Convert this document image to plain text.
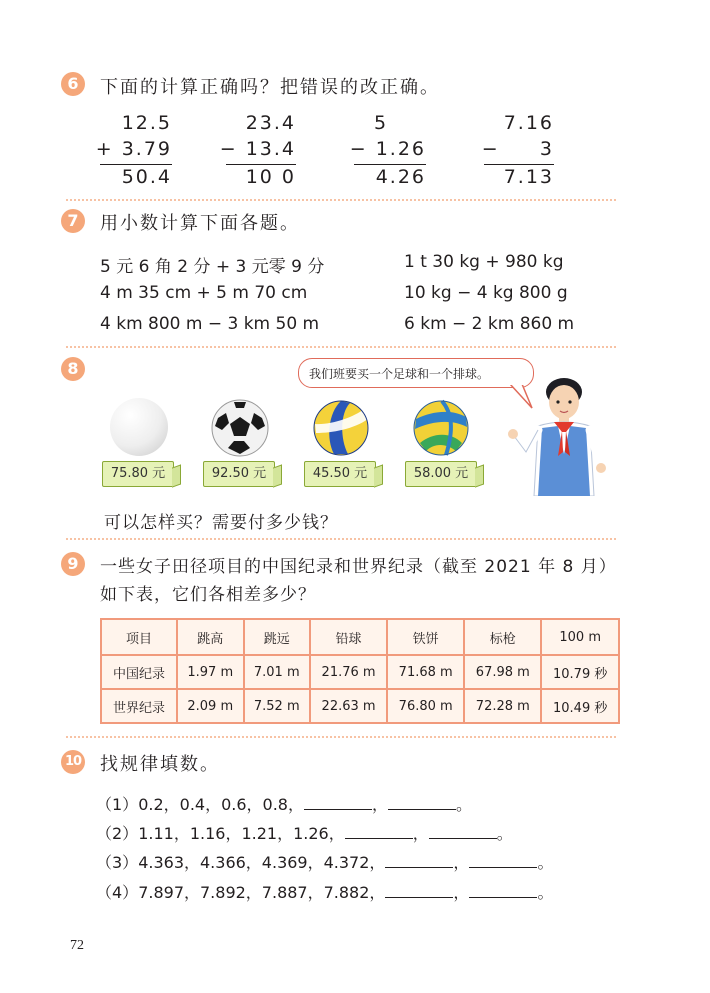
6	下面的计算正确吗？把错误的改正确。
12.5
+ 3.79
50.4
23.4
− 13.4
10 0
5
− 1.26
4.26
7.16
−     3
7.13
7	用小数计算下面各题。
5 元 6 角 2 分 + 3 元零 9 分	1 t 30 kg + 980 kg
4 m 35 cm + 5 m 70 cm	10 kg − 4 kg 800 g
4 km 800 m − 3 km 50 m	6 km − 2 km 860 m
8	我们班要买一个足球和一个排球。
75.80 元	92.50 元	45.50 元	58.00 元
可以怎样买？需要付多少钱？
9	一些女子田径项目的中国纪录和世界纪录（截至 2021 年 8 月）
如下表，它们各相差多少？
项目	跳高	跳远	铅球	铁饼	标枪	100 m
中国纪录	1.97 m	7.01 m	21.76 m	71.68 m	67.98 m	10.79 秒
世界纪录	2.09 m	7.52 m	22.63 m	76.80 m	72.28 m	10.49 秒
10 找规律填数。
（1）0.2，0.4，0.6，0.8，	，	。
（2）1.11，1.16，1.21，1.26，	，	。
（3）4.363，4.366，4.369，4.372，	，	。
（4）7.897，7.892，7.887，7.882，	，	。
72
